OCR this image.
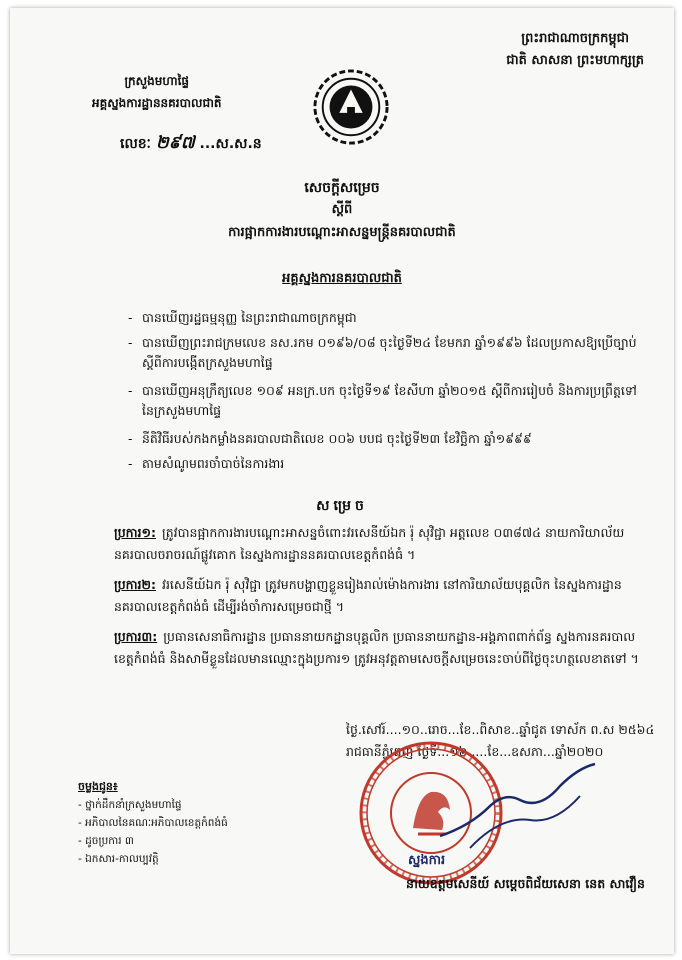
ព្រះរាជាណាចក្រកម្ពុជា
ជាតិ សាសនា ព្រះមហាក្សត្រ
ក្រសួងមហាផ្ទៃ
អគ្គស្នងការដ្ឋាននគរបាលជាតិ
លេខៈ ២៩៧ ...ស.ស.ន
សេចក្តីសម្រេច
ស្តីពី
ការផ្អាកការងារបណ្តោះអាសន្នមន្ត្រីនគរបាលជាតិ
អគ្គស្នងការនគរបាលជាតិ
- បានឃើញរដ្ឋធម្មនុញ្ញ នៃព្រះរាជាណាចក្រកម្ពុជា
- បានឃើញព្រះរាជក្រមលេខ នស.រកម ០១៩៦/០៨ ចុះថ្ងៃទី២៤ ខែមករា ឆ្នាំ១៩៩៦ ដែលប្រកាសឱ្យប្រើច្បាប់ស្តីពីការបង្កើតក្រសួងមហាផ្ទៃ
- បានឃើញអនុក្រឹត្យលេខ ១០៩ អនក្រ.បក ចុះថ្ងៃទី១៩ ខែសីហា ឆ្នាំ២០១៥ ស្តីពីការរៀបចំ និងការប្រព្រឹត្តទៅ នៃក្រសួងមហាផ្ទៃ
- នីតិវិធីរបស់កងកម្លាំងនគរបាលជាតិលេខ ០០៦ បបជ ចុះថ្ងៃទី២៣ ខែវិច្ឆិកា ឆ្នាំ១៩៩៩
- តាមសំណូមពរចាំបាច់នៃការងារ
សម្រេច
ប្រការ១: ត្រូវបានផ្អាកការងារបណ្តោះអាសន្នចំពោះវរសេនីយ៍ឯក រ៉ុ សុវិជ្ជា អត្តលេខ ០៣៨៧៤ នាយការិយាល័យនគរបាលចរាចរណ៍ផ្លូវគោក នៃស្នងការដ្ឋាននគរបាលខេត្តកំពង់ធំ ។
ប្រការ២: វរសេនីយ៍ឯក រ៉ុ សុវិជ្ជា ត្រូវមកបង្ហាញខ្លួនរៀងរាល់ម៉ោងការងារ នៅការិយាល័យបុគ្គលិក នៃស្នងការដ្ឋាននគរបាលខេត្តកំពង់ធំ ដើម្បីរង់ចាំការសម្រេចជាថ្មី ។
ប្រការ៣: ប្រធានសេនាធិការដ្ឋាន ប្រធាននាយកដ្ឋានបុគ្គលិក ប្រធាននាយកដ្ឋាន-អង្គភាពពាក់ព័ន្ធ ស្នងការនគរបាលខេត្តកំពង់ធំ និងសាមីខ្លួនដែលមានឈ្មោះក្នុងប្រការ១ ត្រូវអនុវត្តតាមសេចក្តីសម្រេចនេះចាប់ពីថ្ងៃចុះហត្ថលេខាតទៅ ។
ថ្ងៃ.សៅរ៍....១០..រោច...ខែ..ពិសាខ..ឆ្នាំជូត ទោស័ក ព.ស ២៥៦៤
រាជធានីភ្នំពេញ ថ្ងៃទី...១៦.....ខែ...ឧសភា...ឆ្នាំ២០២០
ចម្លងជូន៖
- ថ្នាក់ដឹកនាំក្រសួងមហាផ្ទៃ
- អភិបាលនៃគណៈអភិបាលខេត្តកំពង់ធំ
- ដូចប្រការ ៣
- ឯកសារ-កាលប្បវត្តិ	ស្នងការ
នាយឧត្តមសេនីយ៍ សម្តេចពិជ័យសេនា នេត សាវឿន
